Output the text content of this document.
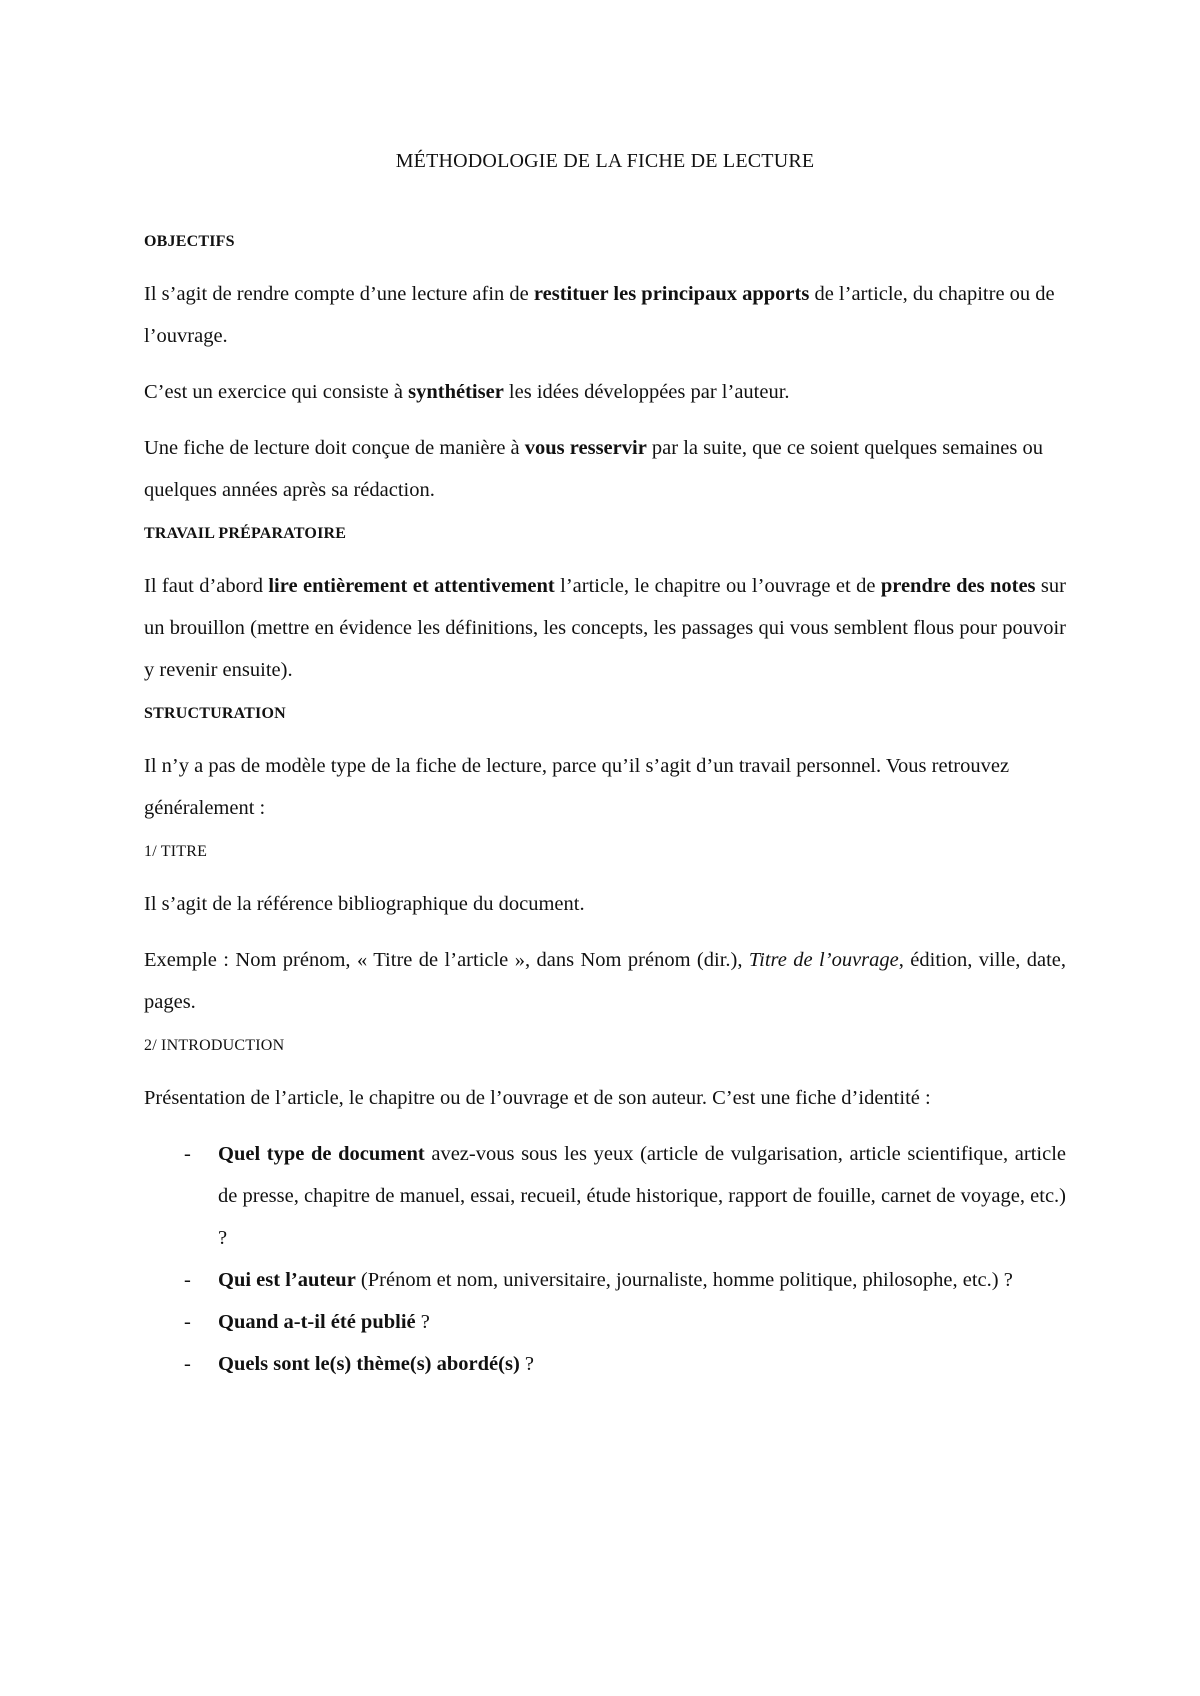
MÉTHODOLOGIE DE LA FICHE DE LECTURE
OBJECTIFS

Il s’agit de rendre compte d’une lecture afin de restituer les principaux apports de l’article, du chapitre ou de l’ouvrage.

C’est un exercice qui consiste à synthétiser les idées développées par l’auteur.

Une fiche de lecture doit conçue de manière à vous resservir par la suite, que ce soient quelques semaines ou quelques années après sa rédaction.

TRAVAIL PRÉPARATOIRE

Il faut d’abord lire entièrement et attentivement l’article, le chapitre ou l’ouvrage et de prendre des notes sur un brouillon (mettre en évidence les définitions, les concepts, les passages qui vous semblent flous pour pouvoir y revenir ensuite).

STRUCTURATION

Il n’y a pas de modèle type de la fiche de lecture, parce qu’il s’agit d’un travail personnel. Vous retrouvez généralement :

1/ TITRE

Il s’agit de la référence bibliographique du document.

Exemple : Nom prénom, « Titre de l’article », dans Nom prénom (dir.), Titre de l’ouvrage, édition, ville, date, pages.

2/ INTRODUCTION

Présentation de l’article, le chapitre ou de l’ouvrage et de son auteur. C’est une fiche d’identité :

- Quel type de document avez-vous sous les yeux (article de vulgarisation, article scientifique, article de presse, chapitre de manuel, essai, recueil, étude historique, rapport de fouille, carnet de voyage, etc.) ?
- Qui est l’auteur (Prénom et nom, universitaire, journaliste, homme politique, philosophe, etc.) ?
- Quand a-t-il été publié ?
- Quels sont le(s) thème(s) abordé(s) ?
